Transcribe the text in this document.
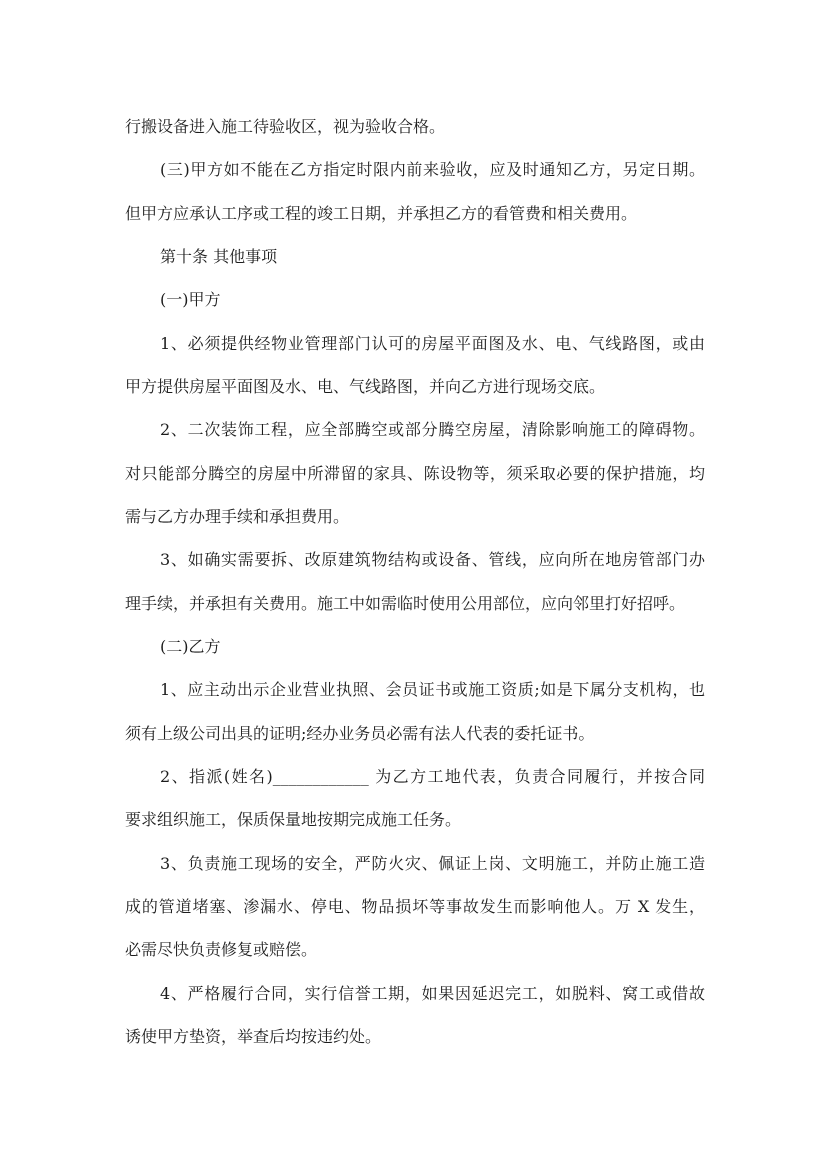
行搬设备进入施工待验收区，视为验收合格。
(三)甲方如不能在乙方指定时限内前来验收，应及时通知乙方，另定日期。
但甲方应承认工序或工程的竣工日期，并承担乙方的看管费和相关费用。
第十条 其他事项
(一)甲方
1、必须提供经物业管理部门认可的房屋平面图及水、电、气线路图，或由
甲方提供房屋平面图及水、电、气线路图，并向乙方进行现场交底。
2、二次装饰工程，应全部腾空或部分腾空房屋，清除影响施工的障碍物。
对只能部分腾空的房屋中所滞留的家具、陈设物等，须采取必要的保护措施，均
需与乙方办理手续和承担费用。
3、如确实需要拆、改原建筑物结构或设备、管线，应向所在地房管部门办
理手续，并承担有关费用。施工中如需临时使用公用部位，应向邻里打好招呼。
(二)乙方
1、应主动出示企业营业执照、会员证书或施工资质;如是下属分支机构，也
须有上级公司出具的证明;经办业务员必需有法人代表的委托证书。
2、指派(姓名)____________ 为乙方工地代表，负责合同履行，并按合同
要求组织施工，保质保量地按期完成施工任务。
3、负责施工现场的安全，严防火灾、佩证上岗、文明施工，并防止施工造
成的管道堵塞、渗漏水、停电、物品损坏等事故发生而影响他人。万 X 发生，
必需尽快负责修复或赔偿。
4、严格履行合同，实行信誉工期，如果因延迟完工，如脱料、窝工或借故
诱使甲方垫资，举查后均按违约处。
